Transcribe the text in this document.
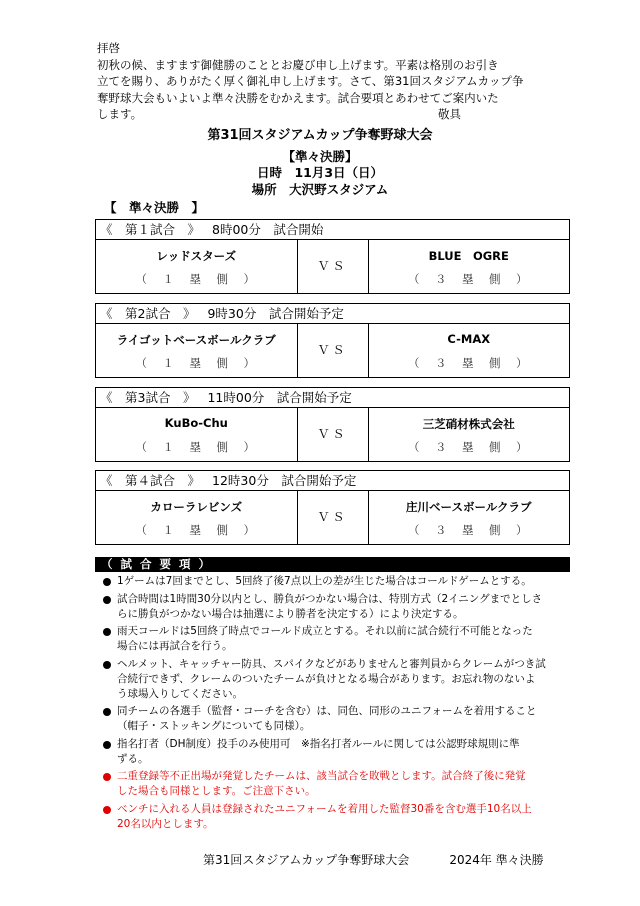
拝啓
初秋の候、ますます御健勝のこととお慶び申し上げます。平素は格別のお引き
立てを賜り、ありがたく厚く御礼申し上げます。さて、第31回スタジアムカップ争
奪野球大会もいよいよ準々決勝をむかえます。試合要項とあわせてご案内いた
します。	敬具
第31回スタジアムカップ争奪野球大会
【準々決勝】
日時　11月3日（日）
場所　大沢野スタジアム
【　準々決勝　】
《　第１試合　》 8時00分　試合開始
レッドスターズ
（　１　塁　側　）
ＶＳ
BLUE　OGRE
（　３　塁　側　）
《　第2試合　》 9時30分　試合開始予定
ライゴットベースボールクラブ
（　１　塁　側　）
ＶＳ
C-MAX
（　３　塁　側　）
《　第3試合　》 11時00分　試合開始予定
KuBo-Chu
（　１　塁　側　）
ＶＳ
三芝硝材株式会社
（　３　塁　側　）
《　第４試合　》 12時30分　試合開始予定
カローラレビンズ
（　１　塁　側　）
ＶＳ
庄川ベースボールクラブ
（　３　塁　側　）
（ 試 合 要 項 ）
1ゲームは7回までとし、5回終了後7点以上の差が生じた場合はコールドゲームとする。
試合時間は1時間30分以内とし、勝負がつかない場合は、特別方式（2イニングまでとしさ
らに勝負がつかない場合は抽選により勝者を決定する）により決定する。
雨天コールドは5回終了時点でコールド成立とする。それ以前に試合続行不可能となった
場合には再試合を行う。
ヘルメット、キャッチャー防具、スパイクなどがありませんと審判員からクレームがつき試
合続行できず、クレームのついたチームが負けとなる場合があります。お忘れ物のないよ
う球場入りしてください。
同チームの各選手（監督・コーチを含む）は、同色、同形のユニフォームを着用すること
（帽子・ストッキングについても同様）。
指名打者（DH制度）投手のみ使用可　※指名打者ルールに関しては公認野球規則に準
ずる。
二重登録等不正出場が発覚したチームは、該当試合を敗戦とします。試合終了後に発覚
した場合も同様とします。ご注意下さい。
ベンチに入れる人員は登録されたユニフォームを着用した監督30番を含む選手10名以上
20名以内とします。
第31回スタジアムカップ争奪野球大会	2024年 準々決勝
